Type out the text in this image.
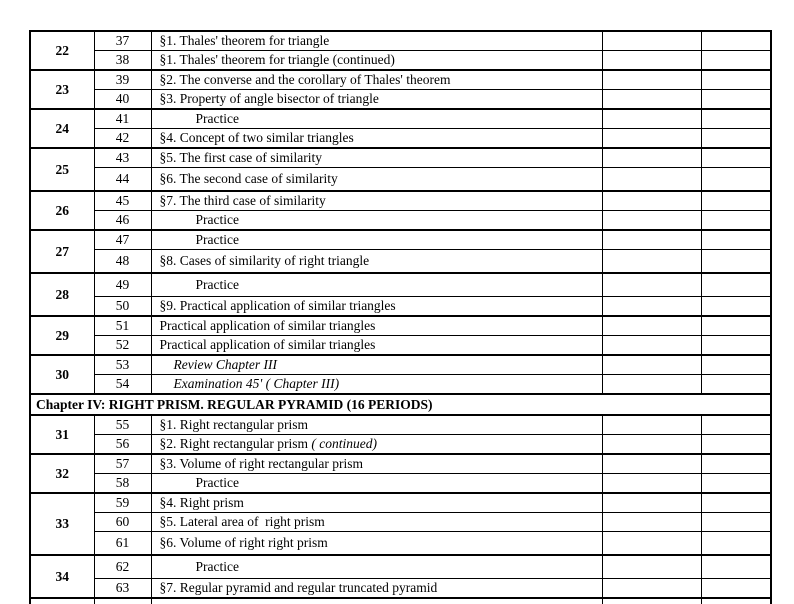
22	37	§1. Thales' theorem for triangle		
	38	§1. Thales' theorem for triangle (continued)		
23	39	§2. The converse and the corollary of Thales' theorem		
	40	§3. Property of angle bisector of triangle		
24	41	Practice		
	42	§4. Concept of two similar triangles		
25	43	§5. The first case of similarity		
	44	§6. The second case of similarity		
26	45	§7. The third case of similarity		
	46	Practice		
27	47	Practice		
	48	§8. Cases of similarity of right triangle		
28	49	Practice		
	50	§9. Practical application of similar triangles		
29	51	Practical application of similar triangles		
	52	Practical application of similar triangles		
30	53	Review Chapter III		
	54	Examination 45' ( Chapter III)		
Chapter IV: RIGHT PRISM. REGULAR PYRAMID (16 PERIODS)				
31	55	§1. Right rectangular prism		
	56	§2. Right rectangular prism ( continued)		
32	57	§3. Volume of right rectangular prism		
	58	Practice		
33	59	§4. Right prism		
	60	§5. Lateral area of  right prism		
	61	§6. Volume of right right prism		
34	62	Practice		
	63	§7. Regular pyramid and regular truncated pyramid		
